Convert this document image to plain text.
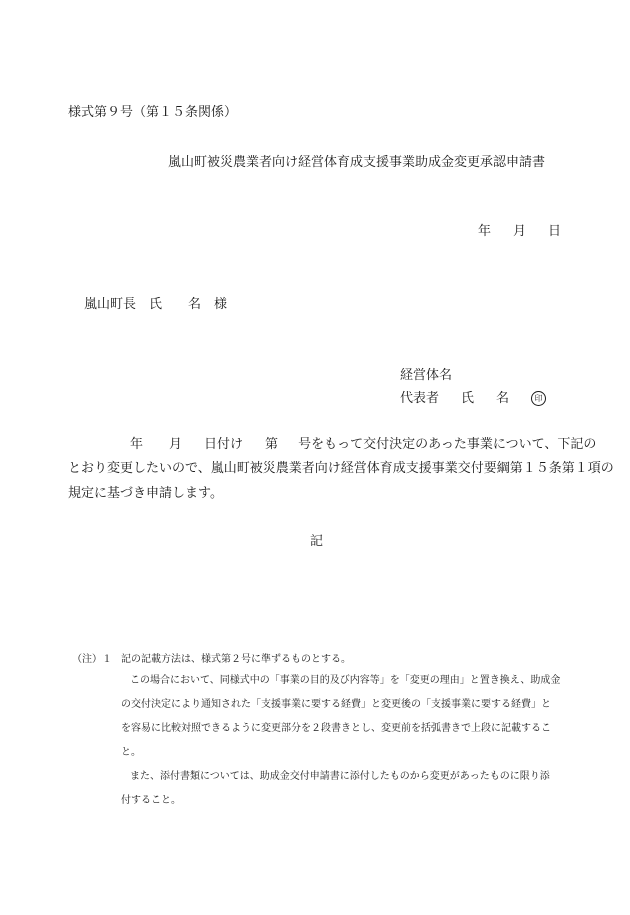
様式第９号（第１５条関係）
嵐山町被災農業者向け経営体育成支援事業助成金変更承認申請書
年 月 日
嵐山町長 氏 名 様
経営体名
代表者 氏 名	印
年 月 日付け 第 号をもって交付決定のあった事業について、下記の
とおり変更したいので、嵐山町被災農業者向け経営体育成支援事業交付要綱第１５条第１項の
規定に基づき申請します。
記
（注） １ 記の記載方法は、様式第２号に準ずるものとする。
この場合において、同様式中の「事業の目的及び内容等」を「変更の理由」と置き換え、助成金
の交付決定により通知された「支援事業に要する経費」と変更後の「支援事業に要する経費」と
を容易に比較対照できるように変更部分を２段書きとし、変更前を括弧書きで上段に記載するこ
と。
また、添付書類については、助成金交付申請書に添付したものから変更があったものに限り添
付すること。
